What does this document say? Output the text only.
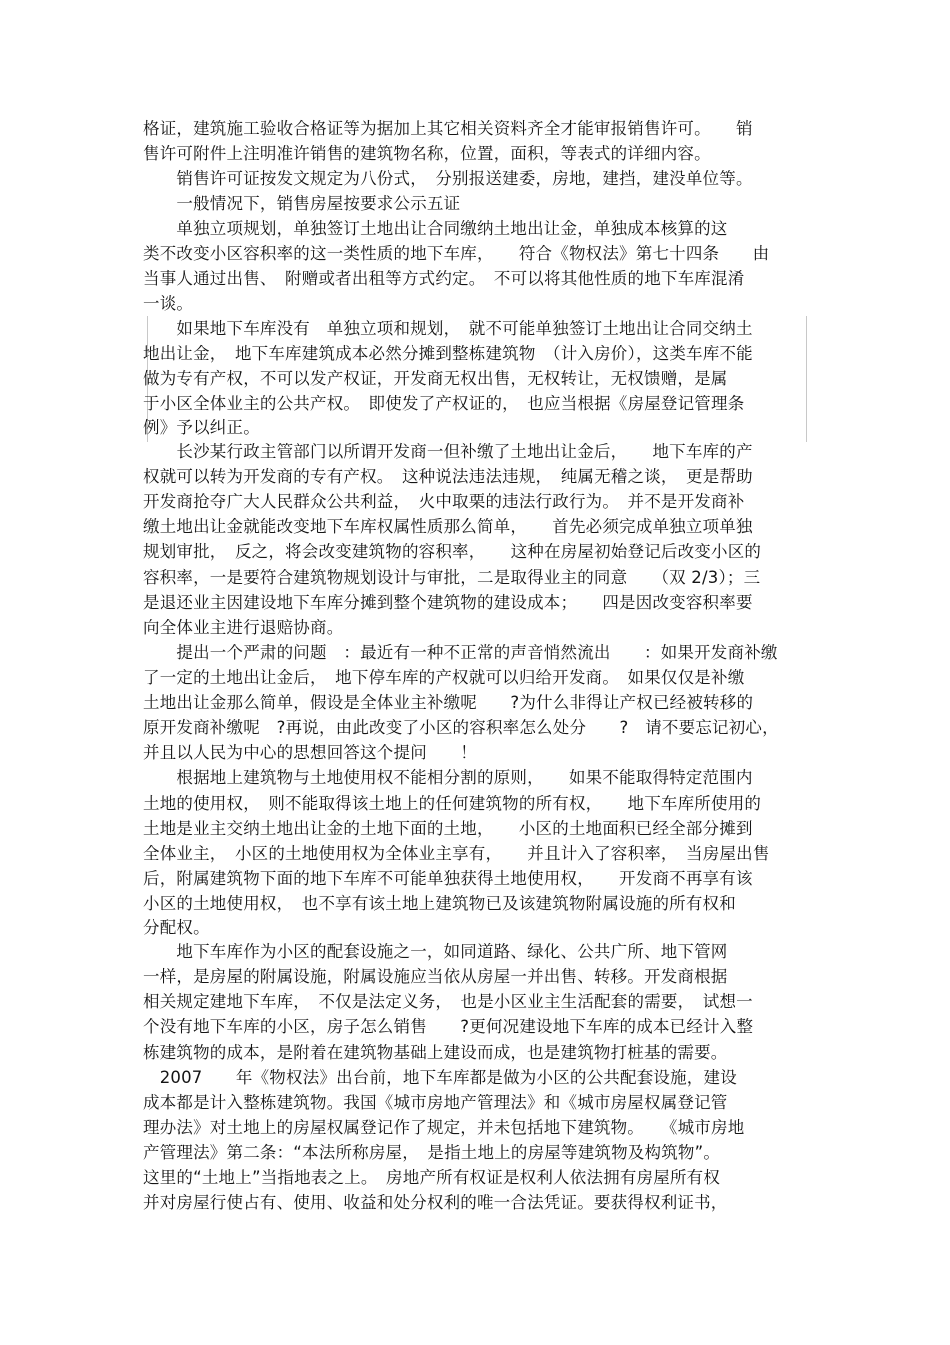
格证，建筑施工验收合格证等为据加上其它相关资料齐全才能审报销售许可。　　销

售许可附件上注明准许销售的建筑物名称，位置，面积，等表式的详细内容。

　　销售许可证按发文规定为八份式，　分别报送建委，房地，建挡，建没单位等。

　　一般情况下，销售房屋按要求公示五证

　　单独立项规划，单独签订土地出让合同缴纳土地出让金，单独成本核算的这

类不改变小区容积率的这一类性质的地下车库，　　符合《物权法》第七十四条　　由

当事人通过出售、　附赠或者出租等方式约定。　不可以将其他性质的地下车库混淆

一谈。

　　如果地下车库没有　单独立项和规划，　就不可能单独签订土地出让合同交纳土

地出让金，　地下车库建筑成本必然分摊到整栋建筑物　（计入房价），这类车库不能

做为专有产权，不可以发产权证，开发商无权出售，无权转让，无权馈赠，是属

于小区全体业主的公共产权。　即使发了产权证的，　也应当根据《房屋登记管理条

例》予以纠正。

　　长沙某行政主管部门以所谓开发商一但补缴了土地出让金后，　　地下车库的产

权就可以转为开发商的专有产权。　这种说法违法违规，　纯属无稽之谈，　更是帮助

开发商抢夺广大人民群众公共利益，　火中取栗的违法行政行为。　并不是开发商补

缴土地出让金就能改变地下车库权属性质那么简单，　　首先必须完成单独立项单独

规划审批，　反之，将会改变建筑物的容积率，　　这种在房屋初始登记后改变小区的

容积率，一是要符合建筑物规划设计与审批，二是取得业主的同意　　（双 2/3）；三

是退还业主因建设地下车库分摊到整个建筑物的建设成本；　　四是因改变容积率要

向全体业主进行退赔协商。

　　提出一个严肃的问题　：最近有一种不正常的声音悄然流出　　：如果开发商补缴

了一定的土地出让金后，　地下停车库的产权就可以归给开发商。　如果仅仅是补缴

土地出让金那么简单，假设是全体业主补缴呢　　?为什么非得让产权已经被转移的

原开发商补缴呢　?再说，由此改变了小区的容积率怎么处分　　?　请不要忘记初心，

并且以人民为中心的思想回答这个提问　　！

　　根据地上建筑物与土地使用权不能相分割的原则，　　如果不能取得特定范围内

土地的使用权，　则不能取得该土地上的任何建筑物的所有权，　　地下车库所使用的

土地是业主交纳土地出让金的土地下面的土地，　　小区的土地面积已经全部分摊到

全体业主，　小区的土地使用权为全体业主享有，　　并且计入了容积率，　当房屋出售

后，附属建筑物下面的地下车库不可能单独获得土地使用权，　　开发商不再享有该

小区的土地使用权，　也不享有该土地上建筑物已及该建筑物附属设施的所有权和

分配权。

　　地下车库作为小区的配套设施之一，如同道路、绿化、公共广所、地下管网

一样，是房屋的附属设施，附属设施应当依从房屋一并出售、转移。开发商根据

相关规定建地下车库，　不仅是法定义务，　也是小区业主生活配套的需要，　试想一

个没有地下车库的小区，房子怎么销售　　?更何况建设地下车库的成本已经计入整

栋建筑物的成本，是附着在建筑物基础上建设而成，也是建筑物打桩基的需要。

　2007　　年《物权法》出台前，地下车库都是做为小区的公共配套设施，建设

成本都是计入整栋建筑物。我国《城市房地产管理法》和《城市房屋权属登记管

理办法》对土地上的房屋权属登记作了规定，并未包括地下建筑物。　　《城市房地

产管理法》第二条：“本法所称房屋，　是指土地上的房屋等建筑物及构筑物”。

这里的“土地上”当指地表之上。　房地产所有权证是权利人依法拥有房屋所有权

并对房屋行使占有、使用、收益和处分权利的唯一合法凭证。要获得权利证书，
